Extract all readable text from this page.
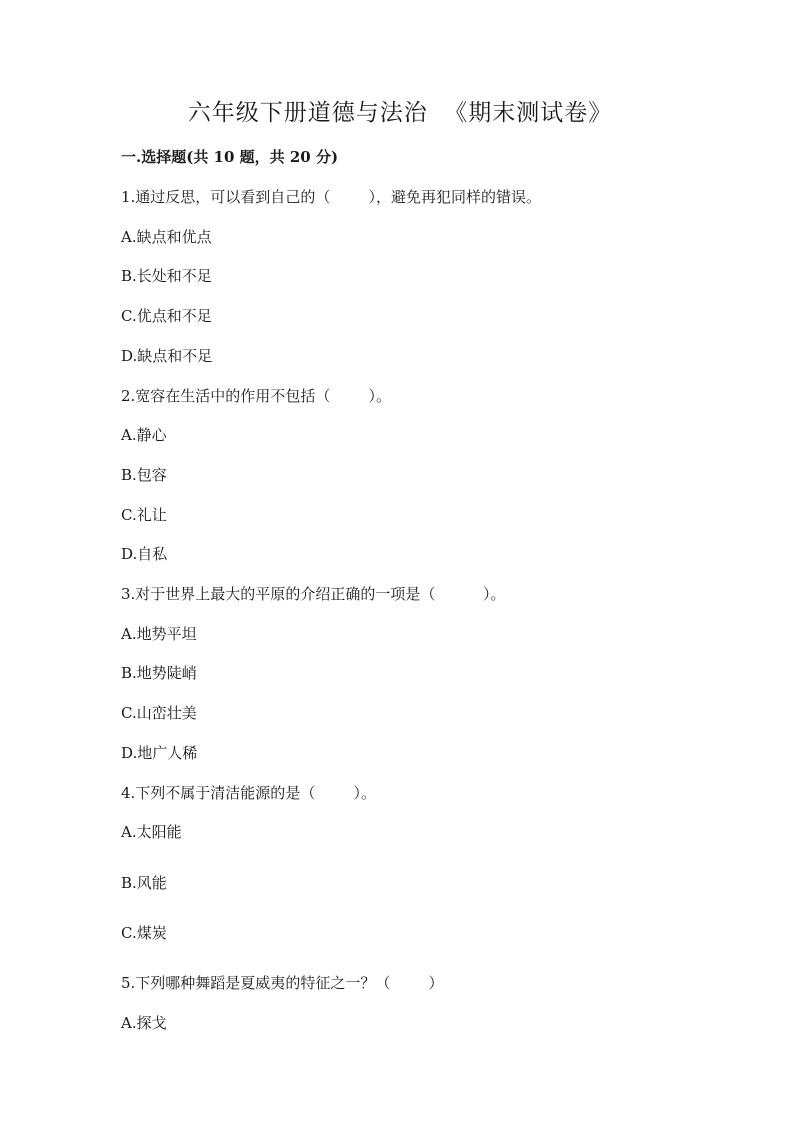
六年级下册道德与法治  《期末测试卷》
一.选择题(共 10 题，共 20 分)
1.通过反思，可以看到自己的（        ），避免再犯同样的错误。
A.缺点和优点
B.长处和不足
C.优点和不足
D.缺点和不足
2.宽容在生活中的作用不包括（        ）。
A.静心
B.包容
C.礼让
D.自私
3.对于世界上最大的平原的介绍正确的一项是（          ）。
A.地势平坦
B.地势陡峭
C.山峦壮美
D.地广人稀
4.下列不属于清洁能源的是（        ）。
A.太阳能
B.风能
C.煤炭
5.下列哪种舞蹈是夏威夷的特征之一？（        ）
A.探戈
